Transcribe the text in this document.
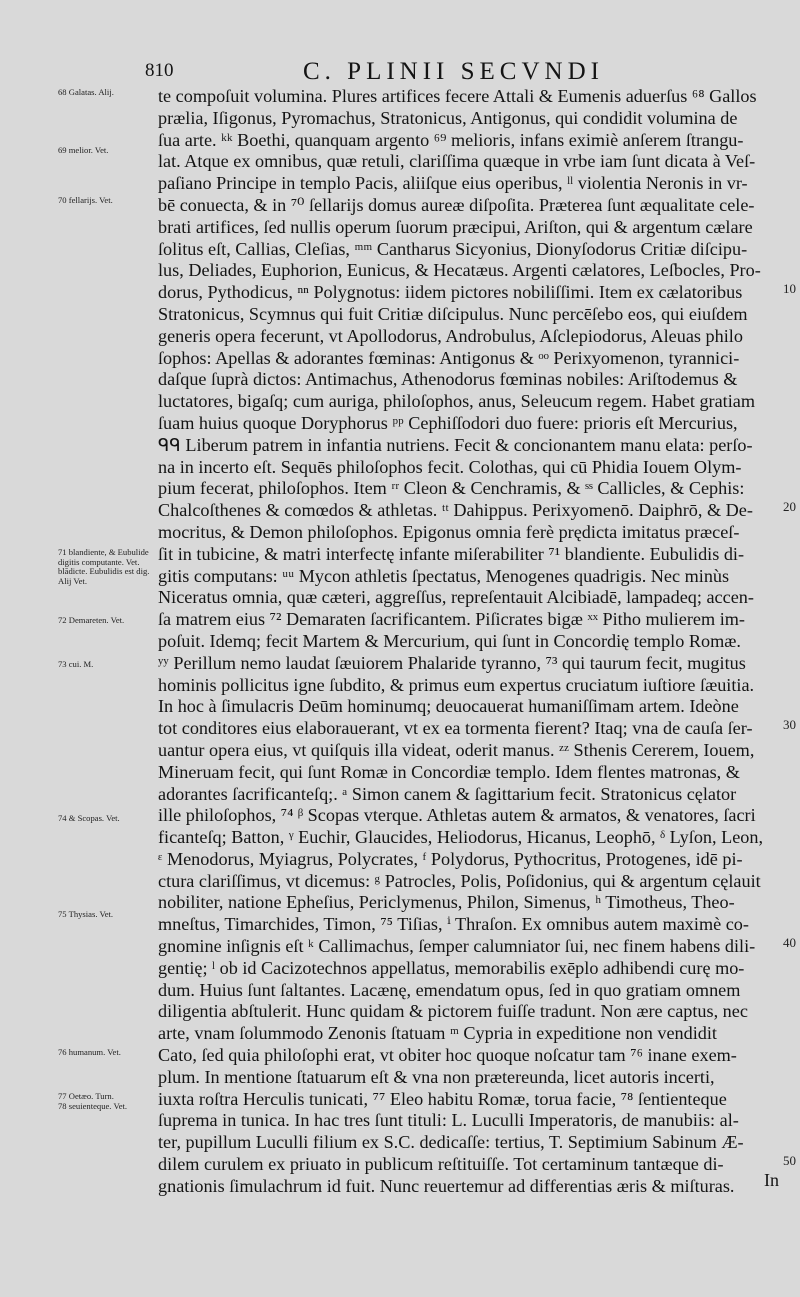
810	C. PLINII SECVNDI
68 Galatas. Alij.
69 melior. Vet.
70 fellarijs. Vet.
71 blandiente, & Eubulide digitis computante. Vet. blādicte. Eubulidis est dig. Alij Vet.
72 Demareten. Vet.
73 cui. M.
74 & Scopas. Vet.
75 Thysias. Vet.
76 humanum. Vet.
77 Oetæo. Turn.
78 seuienteque. Vet.
te compoſuit volumina. Plures artifices fecere Attali & Eumenis aduerſus ⁶⁸ Gallos
prælia, Iſigonus, Pyromachus, Stratonicus, Antigonus, qui condidit volumina de
ſua arte. ᵏᵏ Boethi, quanquam argento ⁶⁹ melioris, infans eximiè anſerem ſtrangu-
lat. Atque ex omnibus, quæ retuli, clariſſima quæque in vrbe iam ſunt dicata à Veſ-
paſiano Principe in templo Pacis, aliiſque eius operibus, ˡˡ violentia Neronis in vr-
bē conuecta, & in ⁷⁰ ſellarijs domus aureæ diſpoſita. Præterea ſunt æqualitate cele-
brati artifices, ſed nullis operum ſuorum præcipui, Ariſton, qui & argentum cælare
ſolitus eſt, Callias, Cleſias, ᵐᵐ Cantharus Sicyonius, Dionyſodorus Critiæ diſcipu-
lus, Deliades, Euphorion, Eunicus, & Hecatæus. Argenti cælatores, Leſbocles, Pro-
dorus, Pythodicus, ⁿⁿ Polygnotus: iidem pictores nobiliſſimi. Item ex cælatoribus
Stratonicus, Scymnus qui fuit Critiæ diſcipulus. Nunc percēſebo eos, qui eiuſdem
generis opera fecerunt, vt Apollodorus, Androbulus, Aſclepiodorus, Aleuas philo
ſophos: Apellas & adorantes fœminas: Antigonus & ᵒᵒ Perixyomenon, tyrannici-
daſque ſuprà dictos: Antimachus, Athenodorus fœminas nobiles: Ariſtodemus &
luctatores, bigaſq; cum auriga, philoſophos, anus, Seleucum regem. Habet gratiam
ſuam huius quoque Doryphorus ᵖᵖ Cephiſſodori duo fuere: prioris eſt Mercurius,
ᑫᑫ Liberum patrem in infantia nutriens. Fecit & concionantem manu elata: perſo-
na in incerto eſt. Sequēs philoſophos fecit. Colothas, qui cū Phidia Iouem Olym-
pium fecerat, philoſophos. Item ʳʳ Cleon & Cenchramis, & ˢˢ Callicles, & Cephis:
Chalcoſthenes & comœdos & athletas. ᵗᵗ Dahippus. Perixyomenō. Daiphrō, & De-
mocritus, & Demon philoſophos. Epigonus omnia ferè prędicta imitatus præceſ-
ſit in tubicine, & matri interfectę infante miſerabiliter ⁷¹ blandiente. Eubulidis di-
gitis computans: ᵘᵘ Mycon athletis ſpectatus, Menogenes quadrigis. Nec minùs
Niceratus omnia, quæ cæteri, aggreſſus, repreſentauit Alcibiadē, lampadeq; accen-
ſa matrem eius ⁷² Demaraten ſacrificantem. Piſicrates bigæ ˣˣ Pitho mulierem im-
poſuit. Idemq; fecit Martem & Mercurium, qui ſunt in Concordię templo Romæ.
ʸʸ Perillum nemo laudat ſæuiorem Phalaride tyranno, ⁷³ qui taurum fecit, mugitus
hominis pollicitus igne ſubdito, & primus eum expertus cruciatum iuſtiore ſæuitia.
In hoc à ſimulacris Deūm hominumq; deuocauerat humaniſſimam artem. Ideòne
tot conditores eius elaborauerant, vt ex ea tormenta fierent? Itaq; vna de cauſa ſer-
uantur opera eius, vt quiſquis illa videat, oderit manus. ᶻᶻ Sthenis Cererem, Iouem,
Mineruam fecit, qui ſunt Romæ in Concordiæ templo. Idem flentes matronas, &
adorantes ſacrificanteſq;. ᵃ Simon canem & ſagittarium fecit. Stratonicus cęlator
ille philoſophos, ⁷⁴ ᵝ Scopas vterque. Athletas autem & armatos, & venatores, ſacri
ficanteſq; Batton, ᵞ Euchir, Glaucides, Heliodorus, Hicanus, Leophō, ᵟ Lyſon, Leon,
ᵋ Menodorus, Myiagrus, Polycrates, ᶠ Polydorus, Pythocritus, Protogenes, idē pi-
ctura clariſſimus, vt dicemus: ᵍ Patrocles, Polis, Poſidonius, qui & argentum cęlauit
nobiliter, natione Epheſius, Periclymenus, Philon, Simenus, ʰ Timotheus, Theo-
mneſtus, Timarchides, Timon, ⁷⁵ Tiſias, ⁱ Thraſon. Ex omnibus autem maximè co-
gnomine inſignis eſt ᵏ Callimachus, ſemper calumniator ſui, nec finem habens dili-
gentię; ˡ ob id Cacizotechnos appellatus, memorabilis exēplo adhibendi curę mo-
dum. Huius ſunt ſaltantes. Lacænę, emendatum opus, ſed in quo gratiam omnem
diligentia abſtulerit. Hunc quidam & pictorem fuiſſe tradunt. Non ære captus, nec
arte, vnam ſolummodo Zenonis ſtatuam ᵐ Cypria in expeditione non vendidit
Cato, ſed quia philoſophi erat, vt obiter hoc quoque noſcatur tam ⁷⁶ inane exem-
plum. In mentione ſtatuarum eſt & vna non prætereunda, licet autoris incerti,
iuxta roſtra Herculis tunicati, ⁷⁷ Eleo habitu Romæ, torua facie, ⁷⁸ ſentienteque
ſuprema in tunica. In hac tres ſunt tituli: L. Luculli Imperatoris, de manubiis: al-
ter, pupillum Luculli filium ex S.C. dedicaſſe: tertius, T. Septimium Sabinum Æ-
dilem curulem ex priuato in publicum reſtituiſſe. Tot certaminum tantæque di-
gnationis ſimulachrum id fuit. Nunc reuertemur ad differentias æris & miſturas.
10
20
30
40
50
In
